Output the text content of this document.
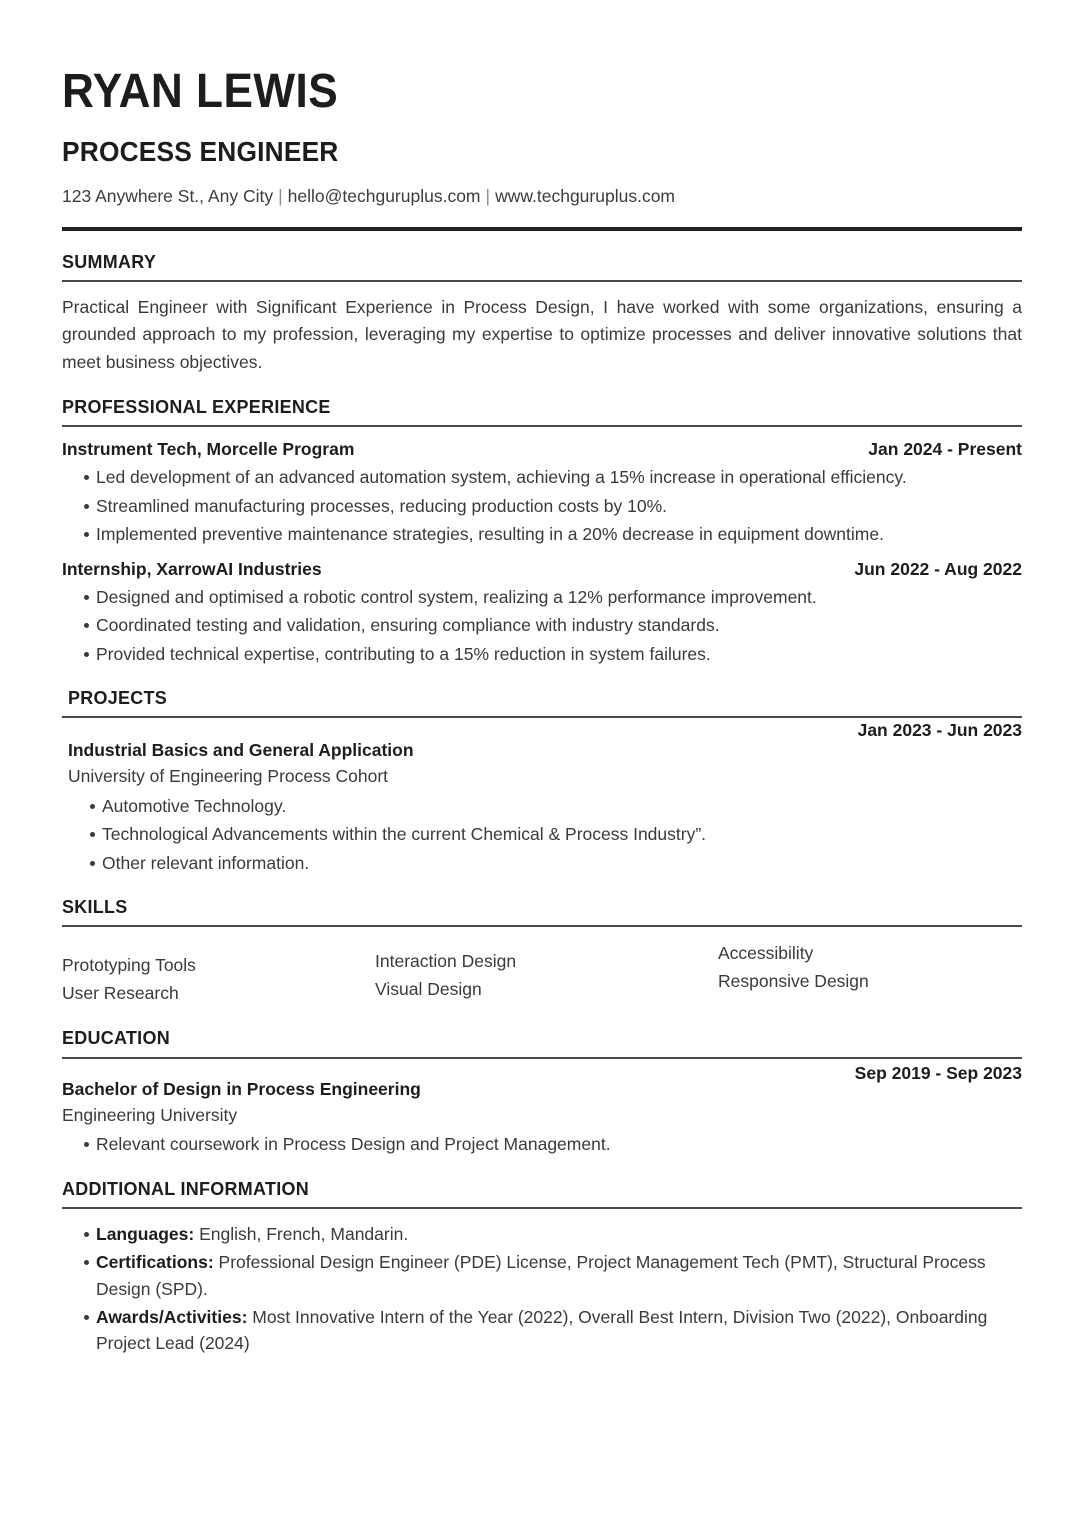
RYAN LEWIS
PROCESS ENGINEER
123 Anywhere St., Any City | hello@techguruplus.com | www.techguruplus.com
SUMMARY
Practical Engineer with Significant Experience in Process Design, I have worked with some organizations, ensuring a grounded approach to my profession, leveraging my expertise to optimize processes and deliver innovative solutions that meet business objectives.
PROFESSIONAL EXPERIENCE
Instrument Tech, Morcelle Program	Jan 2024 - Present
Led development of an advanced automation system, achieving a 15% increase in operational efficiency.
Streamlined manufacturing processes, reducing production costs by 10%.
Implemented preventive maintenance strategies, resulting in a 20% decrease in equipment downtime.
Internship, XarrowAI Industries	Jun 2022 - Aug 2022
Designed and optimised a robotic control system, realizing a 12% performance improvement.
Coordinated testing and validation, ensuring compliance with industry standards.
Provided technical expertise, contributing to a 15% reduction in system failures.
PROJECTS
Jan 2023 - Jun 2023
Industrial Basics and General Application
University of Engineering Process Cohort
Automotive Technology.
Technological Advancements within the current Chemical & Process Industry”.
Other relevant information.
SKILLS
Prototyping Tools
User Research
Interaction Design
Visual Design
Accessibility
Responsive Design
EDUCATION
Sep 2019 - Sep 2023
Bachelor of Design in Process Engineering
Engineering University
Relevant coursework in Process Design and Project Management.
ADDITIONAL INFORMATION
Languages: English, French, Mandarin.
Certifications: Professional Design Engineer (PDE) License, Project Management Tech (PMT), Structural Process Design (SPD).
Awards/Activities: Most Innovative Intern of the Year (2022), Overall Best Intern, Division Two (2022), Onboarding Project Lead (2024)
